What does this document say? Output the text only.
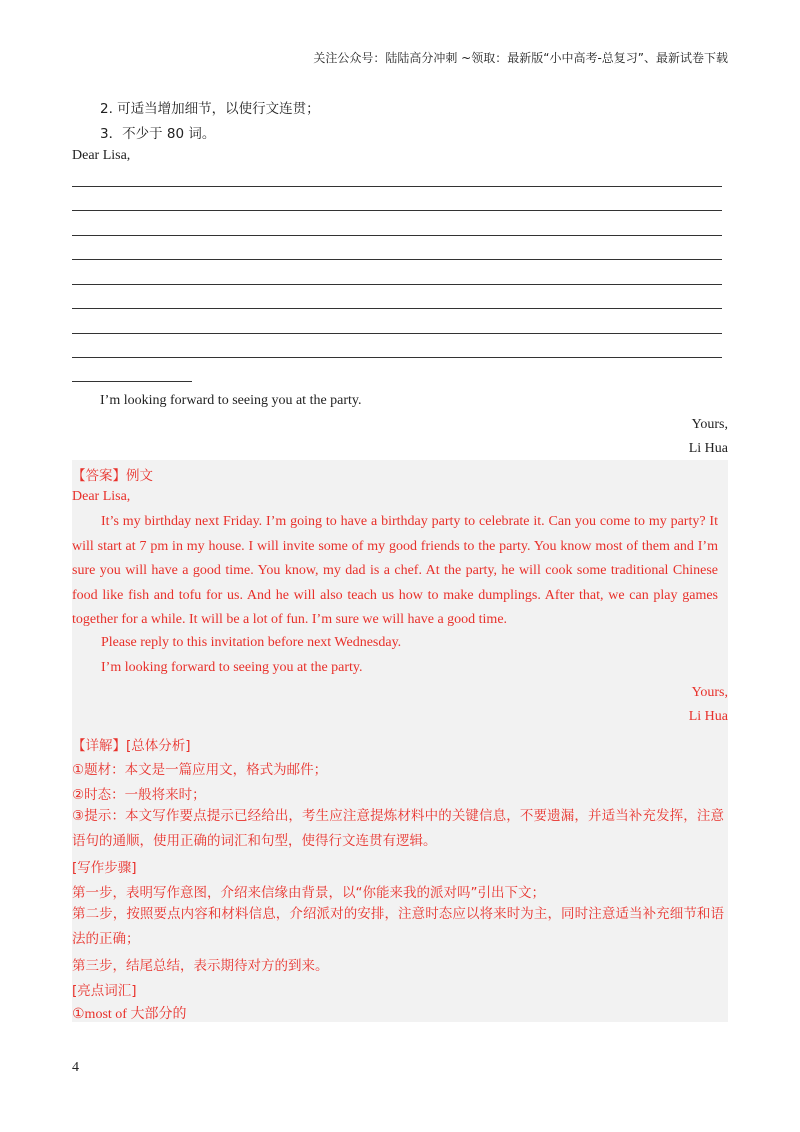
关注公众号：陆陆高分冲刺 ~领取：最新版“小中高考-总复习”、最新试卷下载
2. 可适当增加细节，以使行文连贯；
3．不少于 80 词。
Dear Lisa,
I’m looking forward to seeing you at the party.
Yours,
Li Hua
【答案】例文
Dear Lisa,
It’s my birthday next Friday. I’m going to have a birthday party to celebrate it. Can you come to my party? It will start at 7 pm in my house. I will invite some of my good friends to the party. You know most of them and I’m sure you will have a good time. You know, my dad is a chef. At the party, he will cook some traditional Chinese food like fish and tofu for us. And he will also teach us how to make dumplings. After that, we can play games together for a while. It will be a lot of fun. I’m sure we will have a good time.
Please reply to this invitation before next Wednesday.
I’m looking forward to seeing you at the party.
Yours,
Li Hua
【详解】[总体分析]
①题材：本文是一篇应用文，格式为邮件；
②时态：一般将来时；
③提示：本文写作要点提示已经给出，考生应注意提炼材料中的关键信息，不要遗漏，并适当补充发挥，注意语句的通顺，使用正确的词汇和句型，使得行文连贯有逻辑。
[写作步骤]
第一步，表明写作意图，介绍来信缘由背景，以“你能来我的派对吗”引出下文；
第二步，按照要点内容和材料信息，介绍派对的安排，注意时态应以将来时为主，同时注意适当补充细节和语法的正确；
第三步，结尾总结，表示期待对方的到来。
[亮点词汇]
①most of 大部分的
4
